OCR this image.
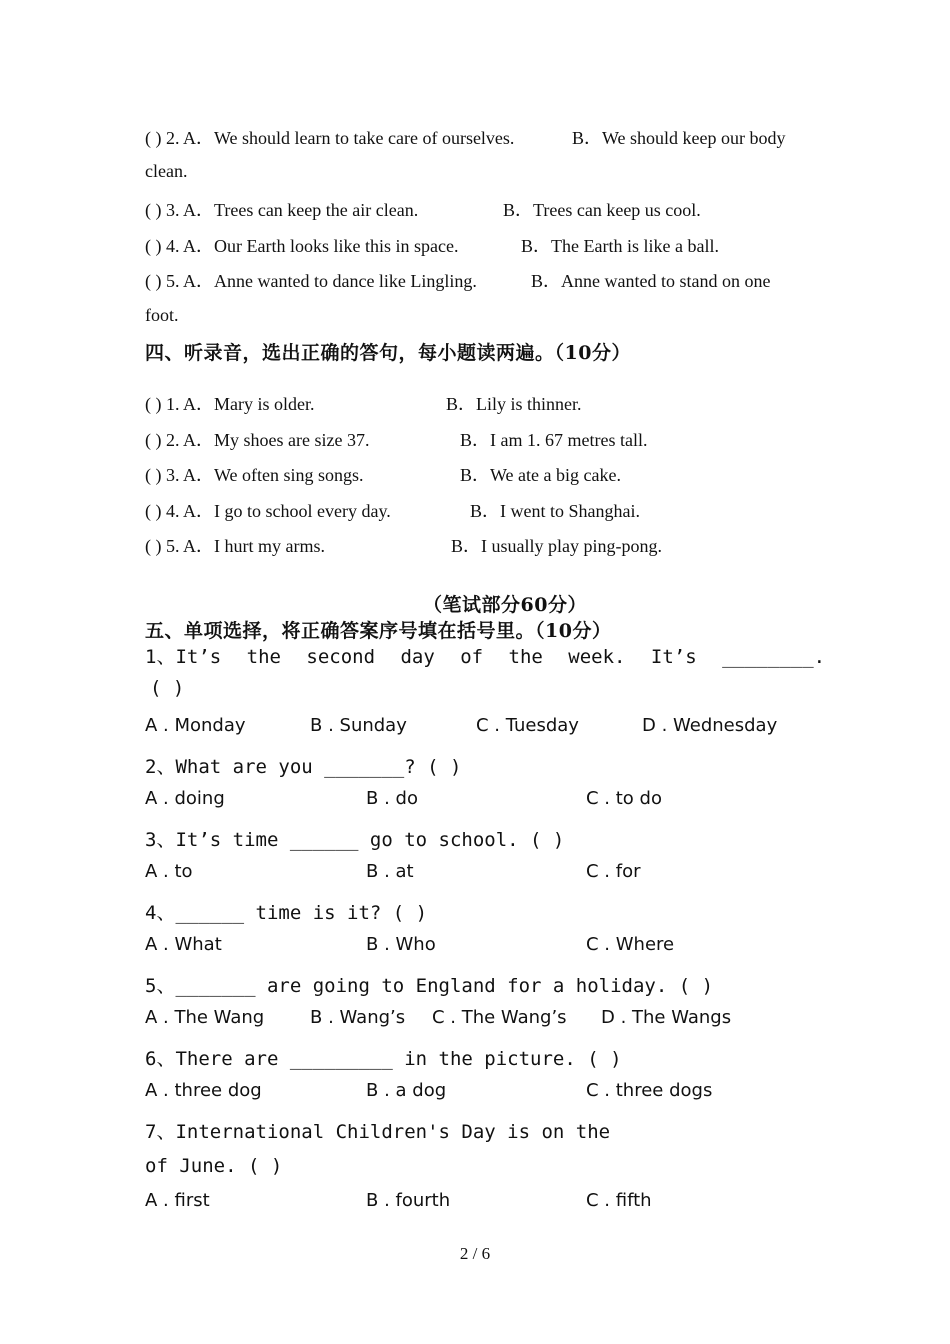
( ) 2. A．We should learn to take care of ourselves.	B．We should keep our body
clean.
( ) 3. A．Trees can keep the air clean.	B．Trees can keep us cool.
( ) 4. A．Our Earth looks like this in space.	B．The Earth is like a ball.
( ) 5. A．Anne wanted to dance like Lingling.	B．Anne wanted to stand on one
foot.
四、听录音，选出正确的答句，每小题读两遍。（10分）
( ) 1. A．Mary is older.	B．Lily is thinner.
( ) 2. A．My shoes are size 37.	B．I am 1. 67 metres tall.
( ) 3. A．We often sing songs.	B．We ate a big cake.
( ) 4. A．I go to school every day.	B．I went to Shanghai.
( ) 5. A．I hurt my arms.	B．I usually play ping-pong.
（笔试部分60分）
五、单项选择，将正确答案序号填在括号里。（10分）
1、It’s the second day of the week. It’s ________.
( )
A . Monday	B . Sunday	C . Tuesday	D . Wednesday
2、What are you _______? ( )
A . doing	B . do	C . to do
3、It’s time ______ go to school. ( )
A . to	B . at	C . for
4、______ time is it? ( )
A . What	B . Who	C . Where
5、_______ are going to England for a holiday. ( )
A . The Wang	B . Wang’s C . The Wang’s D . The Wangs
6、There are _________ in the picture. ( )
A . three dog	B . a dog	C . three dogs
7、International Children's Day is on the
of June. ( )
A . first	B . fourth	C . fifth
2 / 6
